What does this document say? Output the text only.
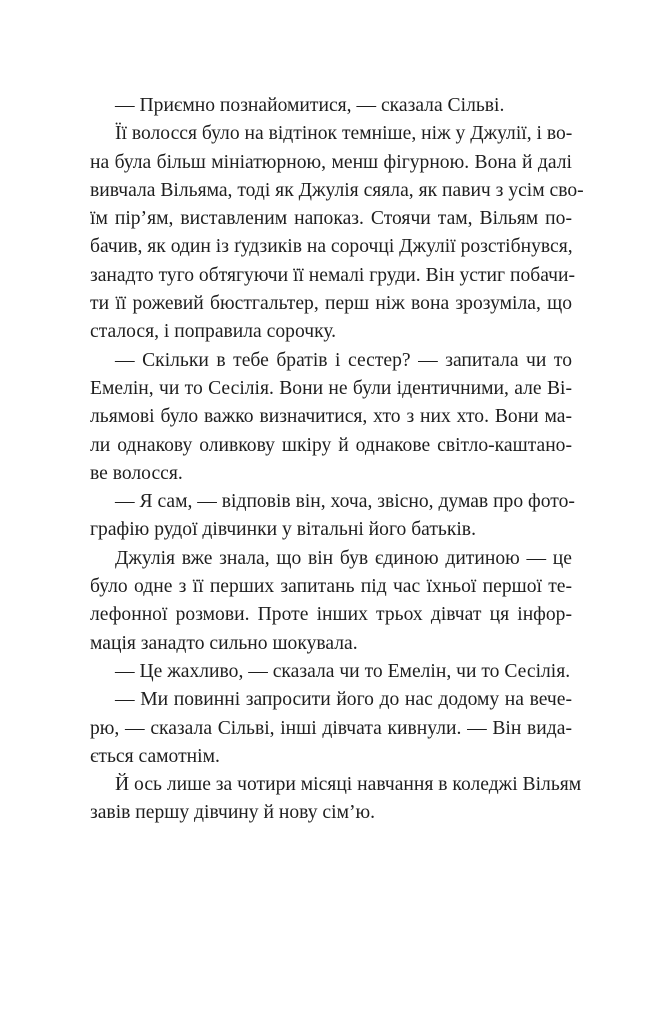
— Приємно познайомитися, — сказала Сільві.
Її волосся було на відтінок темніше, ніж у Джулії, і во-
на була більш мініатюрною, менш фігурною. Вона й далі
вивчала Вільяма, тоді як Джулія сяяла, як павич з усім сво-
їм пір’ям, виставленим напоказ. Стоячи там, Вільям по-
бачив, як один із ґудзиків на сорочці Джулії розстібнувся,
занадто туго обтягуючи її немалі груди. Він устиг побачи-
ти її рожевий бюстгальтер, перш ніж вона зрозуміла, що
сталося, і поправила сорочку.
— Скільки в тебе братів і сестер? — запитала чи то
Емелін, чи то Сесілія. Вони не були ідентичними, але Ві-
льямові було важко визначитися, хто з них хто. Вони ма-
ли однакову оливкову шкіру й однакове світло-каштано-
ве волосся.
— Я сам, — відповів він, хоча, звісно, думав про фото-
графію рудої дівчинки у вітальні його батьків.
Джулія вже знала, що він був єдиною дитиною — це
було одне з її перших запитань під час їхньої першої те-
лефонної розмови. Проте інших трьох дівчат ця інфор-
мація занадто сильно шокувала.
— Це жахливо, — сказала чи то Емелін, чи то Сесілія.
— Ми повинні запросити його до нас додому на вече-
рю, — сказала Сільві, інші дівчата кивнули. — Він вида-
ється самотнім.
Й ось лише за чотири місяці навчання в коледжі Вільям
завів першу дівчину й нову сім’ю.
